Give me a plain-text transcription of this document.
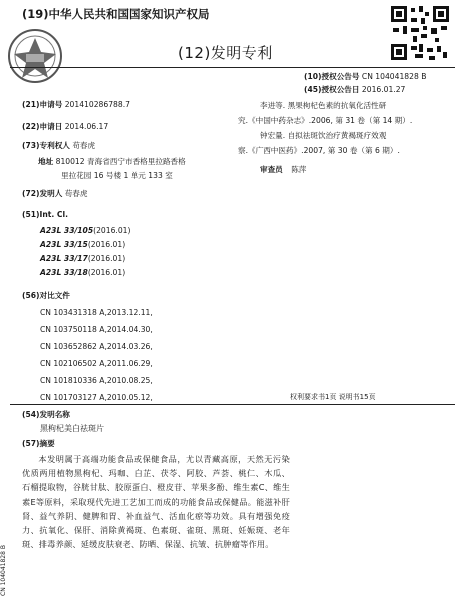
(19)中华人民共和国国家知识产权局
(12)发明专利
(10)授权公告号 CN 104041828 B
(45)授权公告日 2016.01.27
(21)申请号 201410286788.7
(22)申请日 2014.06.17
(73)专利权人 苟春虎
地址 810012 青海省西宁市香格里拉路香格
里拉花园 16 号楼 1 单元 133 室
(72)发明人 苟春虎
(51)Int. Cl.
A23L 33/105(2016.01)
A23L 33/15(2016.01)
A23L 33/17(2016.01)
A23L 33/18(2016.01)
(56)对比文件
CN 103431318 A,2013.12.11,
CN 103750118 A,2014.04.30,
CN 103652862 A,2014.03.26,
CN 102106502 A,2011.06.29,
CN 101810336 A,2010.08.25,
CN 101703127 A,2010.05.12,
李进等. 黑果枸杞色素的抗氧化活性研
究.《中国中药杂志》.2006, 第 31 卷（第 14 期）.
钟宏量. 自拟祛斑饮治疗黄褐斑疗效观
察.《广西中医药》.2007, 第 30 卷（第 6 期）.
审查员 陈萍
权利要求书1页 说明书15页
(54)发明名称
黑枸杞美白祛斑片
(57)摘要

本发明属于高端功能食品或保健食品，尤以青藏高原，天然无污染优质两用植物黑枸杞、玛咖、白芷、茯苓、阿胶、芦荟、桃仁、木瓜、石榴提取物，谷胱甘肽、胶原蛋白、橙皮苷、苹果多酚、维生素C、维生素E等原料，采取现代先进工艺加工而成的功能食品或保健品。能滋补肝肾、益气养阴、健脾和胃、补血益气、活血化瘀等功效。具有增强免疫力、抗氧化、保肝、消除黄褐斑、色素斑、雀斑、黑斑、妊娠斑、老年斑、排毒养颜、延缓皮肤衰老、防晒、保湿、抗皱、抗肿瘤等作用。

CN 104041828 B
